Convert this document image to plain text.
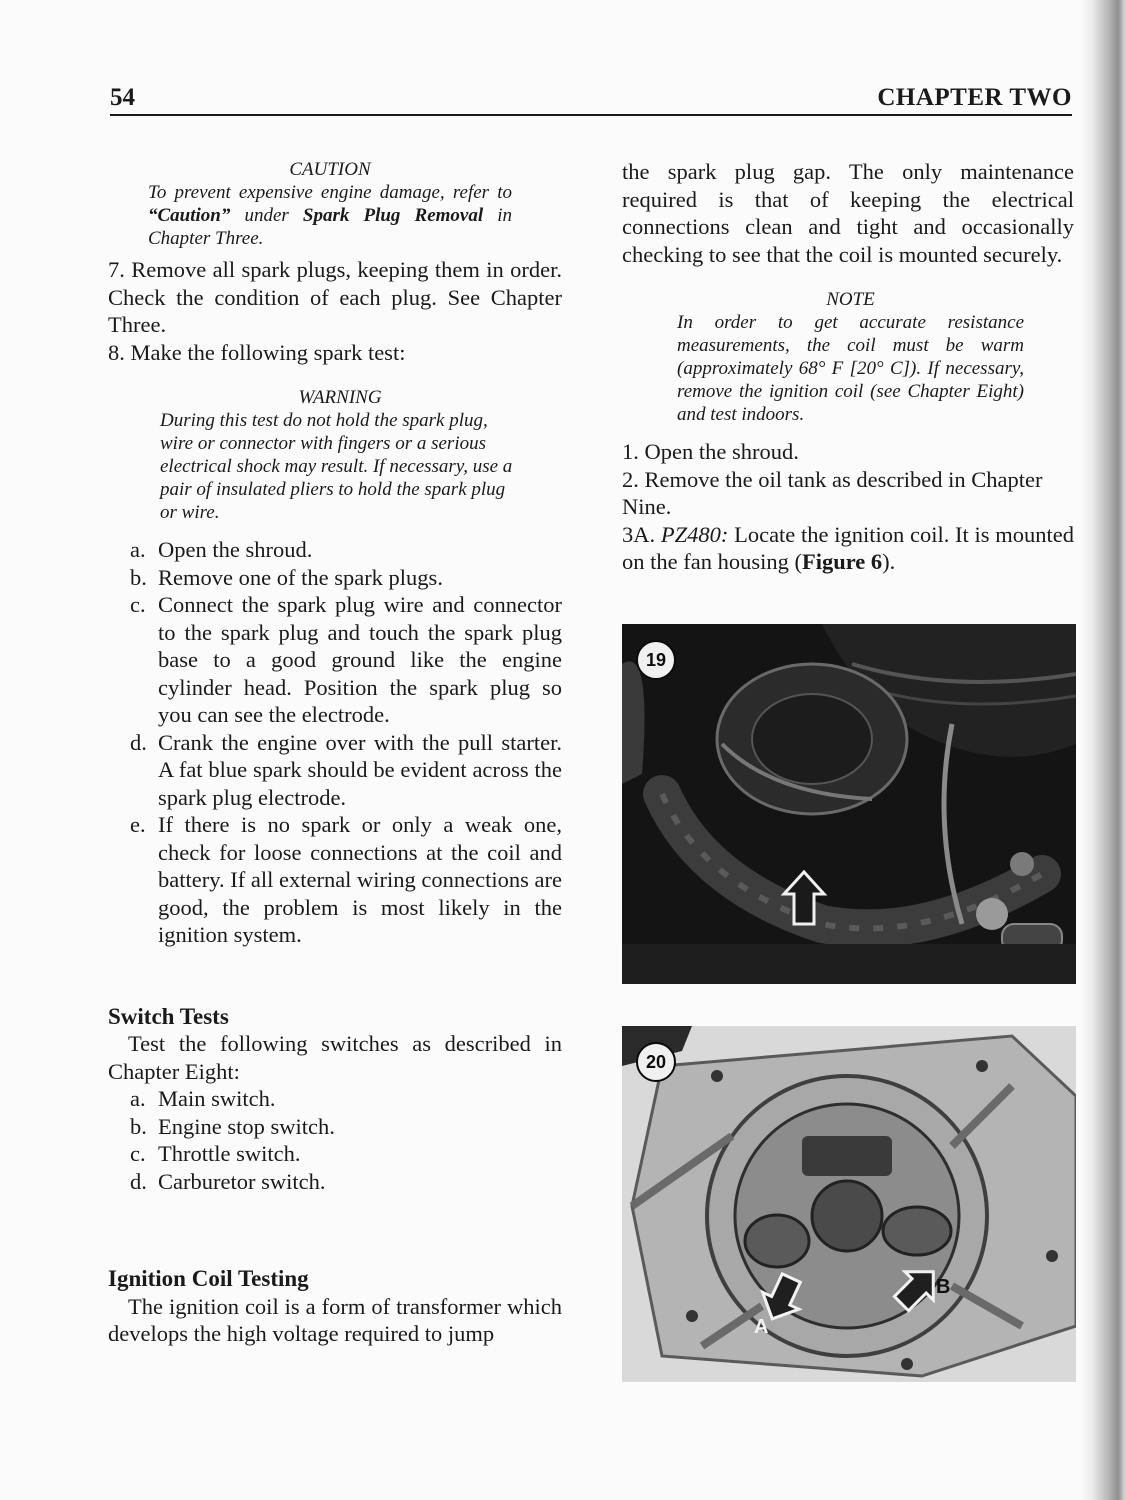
54	CHAPTER TWO
CAUTION

To prevent expensive engine damage, refer to “Caution” under Spark Plug Removal in Chapter Three.

7. Remove all spark plugs, keeping them in order. Check the condition of each plug. See Chapter Three.

8. Make the following spark test:

WARNING

During this test do not hold the spark plug, wire or connector with fingers or a serious electrical shock may result. If necessary, use a pair of insulated pliers to hold the spark plug or wire.

a. Open the shroud.

b. Remove one of the spark plugs.

c. Connect the spark plug wire and connector to the spark plug and touch the spark plug base to a good ground like the engine cylinder head. Position the spark plug so you can see the electrode.

d. Crank the engine over with the pull starter. A fat blue spark should be evident across the spark plug electrode.

e. If there is no spark or only a weak one, check for loose connections at the coil and battery. If all external wiring connections are good, the problem is most likely in the ignition system.

Switch Tests

Test the following switches as described in Chapter Eight:

a. Main switch.

b. Engine stop switch.

c. Throttle switch.

d. Carburetor switch.

Ignition Coil Testing

The ignition coil is a form of transformer which develops the high voltage required to jump

the spark plug gap. The only maintenance required is that of keeping the electrical connections clean and tight and occasionally checking to see that the coil is mounted securely.

NOTE

In order to get accurate resistance measurements, the coil must be warm (approximately 68° F [20° C]). If necessary, remove the ignition coil (see Chapter Eight) and test indoors.

1. Open the shroud.

2. Remove the oil tank as described in Chapter Nine.

3A. PZ480: Locate the ignition coil. It is mounted on the fan housing (Figure 6).

19
20
A
B
